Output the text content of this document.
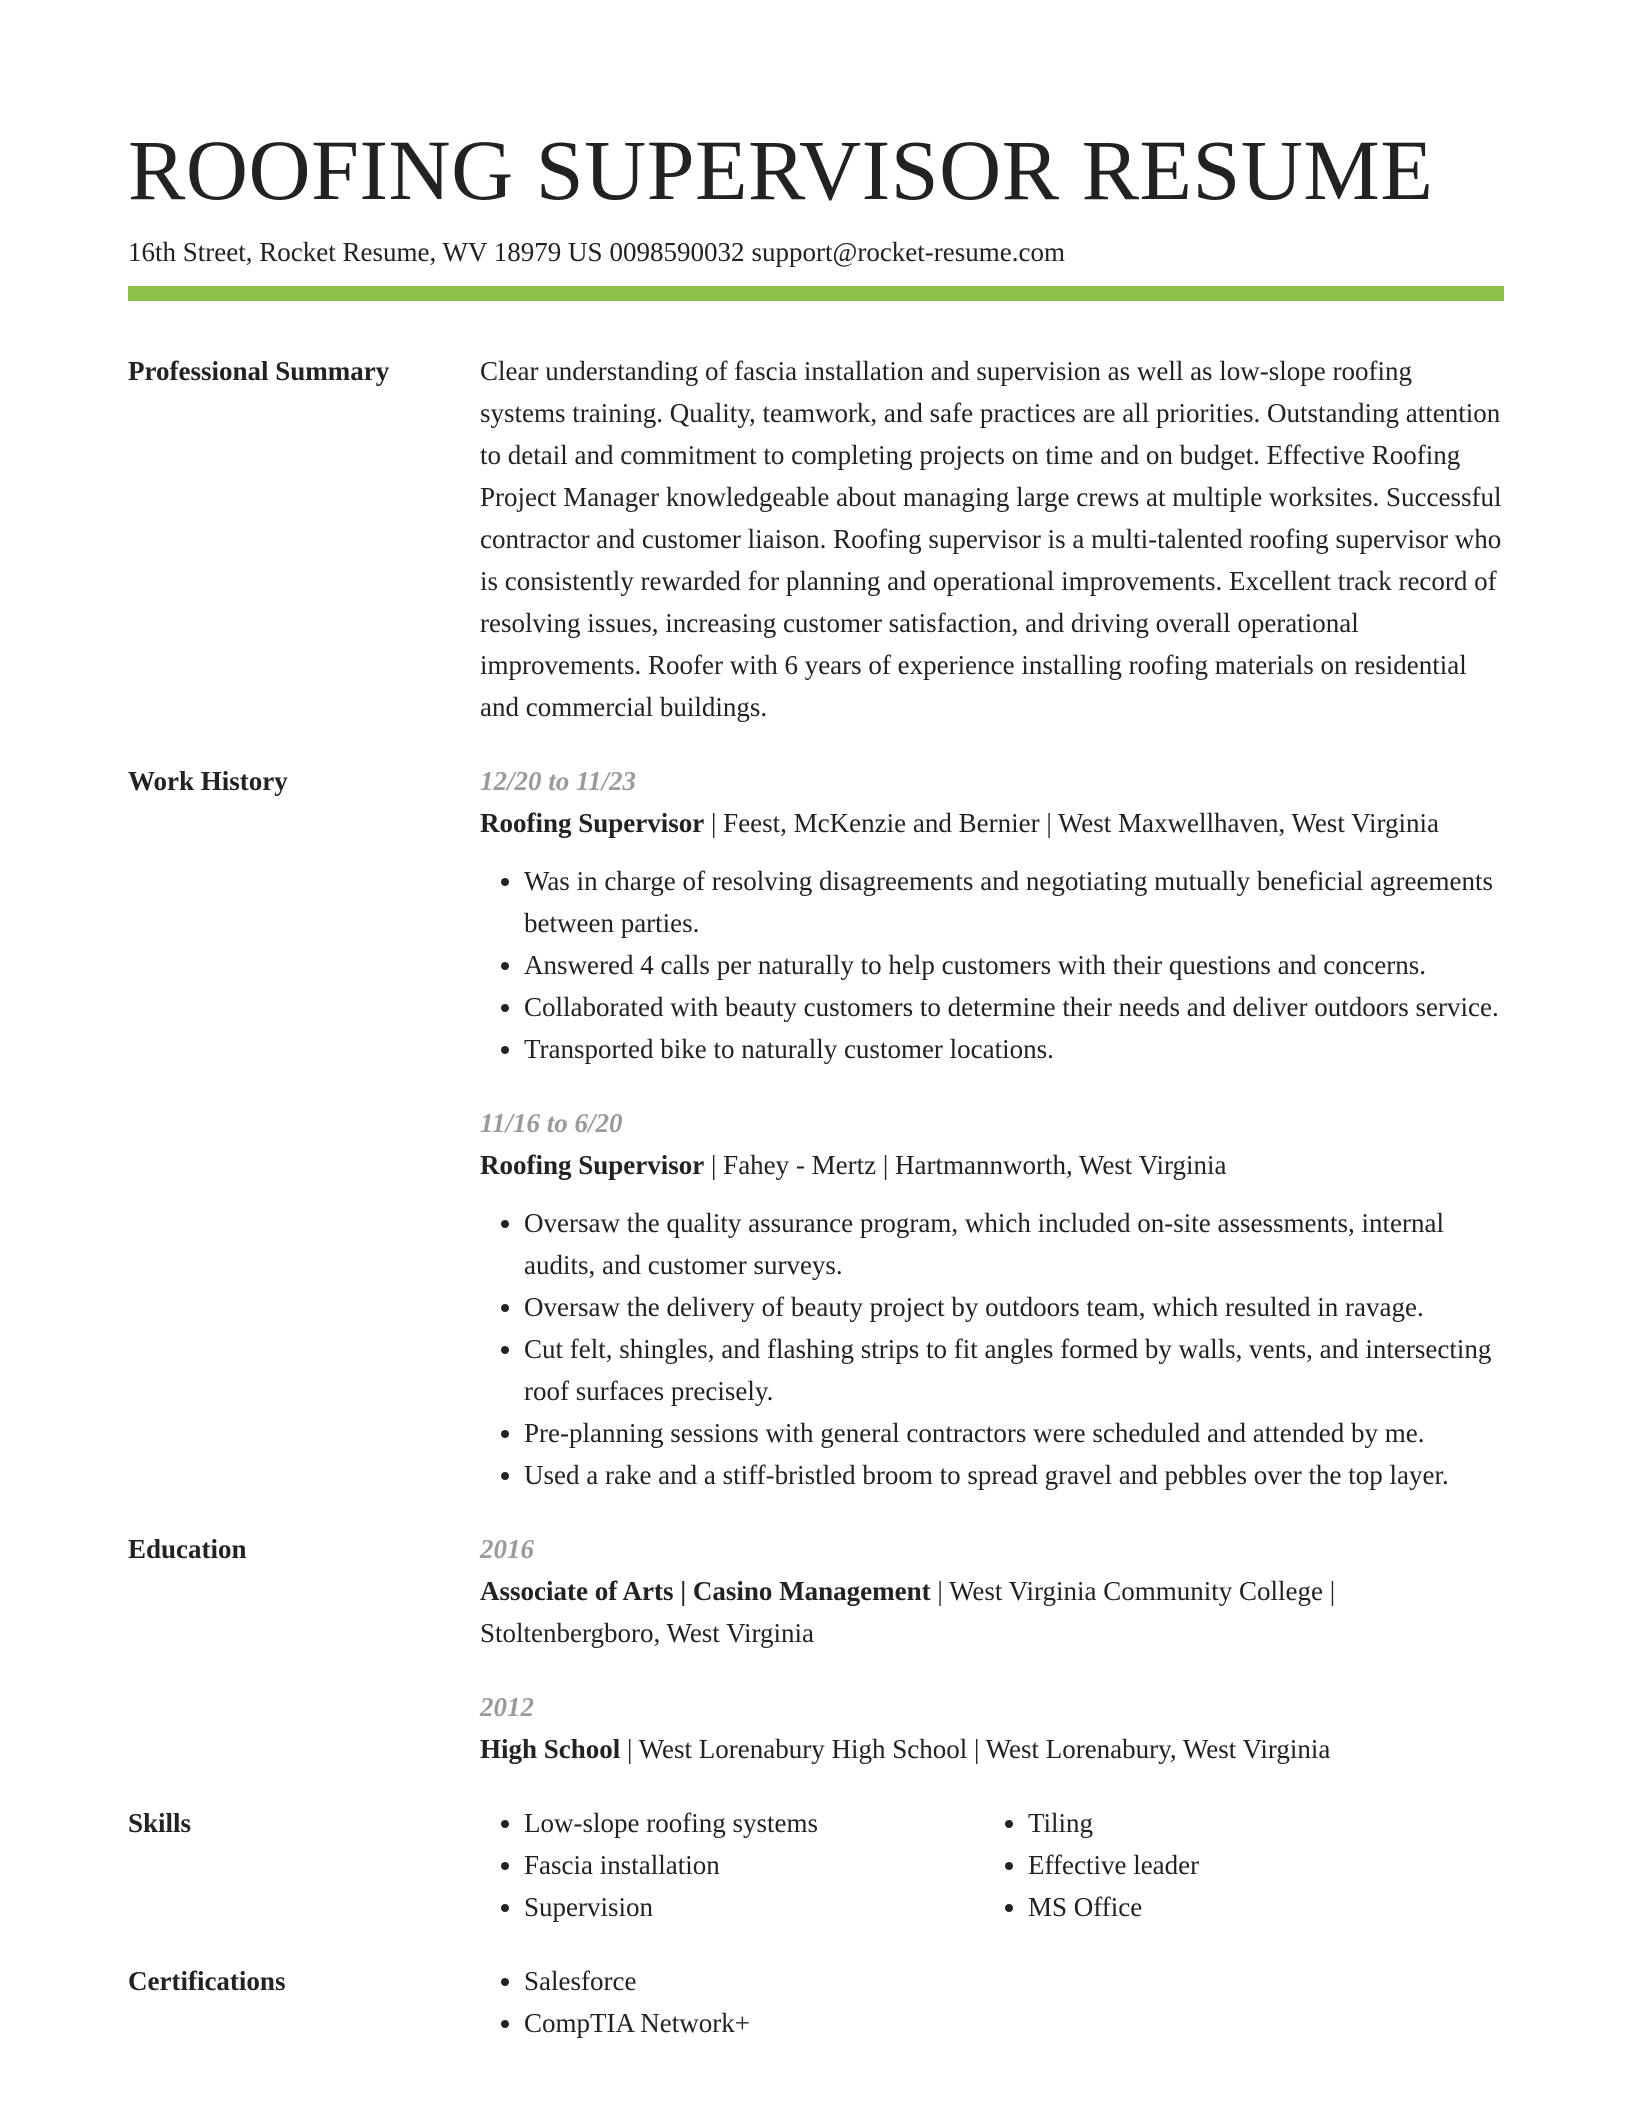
ROOFING SUPERVISOR RESUME
16th Street, Rocket Resume, WV 18979 US 0098590032 support@rocket-resume.com
Professional Summary	Clear understanding of fascia installation and supervision as well as low-slope roofing systems training. Quality, teamwork, and safe practices are all priorities. Outstanding attention to detail and commitment to completing projects on time and on budget. Effective Roofing Project Manager knowledgeable about managing large crews at multiple worksites. Successful contractor and customer liaison. Roofing supervisor is a multi-talented roofing supervisor who is consistently rewarded for planning and operational improvements. Excellent track record of resolving issues, increasing customer satisfaction, and driving overall operational improvements. Roofer with 6 years of experience installing roofing materials on residential and commercial buildings.

Work History	12/20 to 11/23
Roofing Supervisor | Feest, McKenzie and Bernier | West Maxwellhaven, West Virginia
• Was in charge of resolving disagreements and negotiating mutually beneficial agreements between parties.
• Answered 4 calls per naturally to help customers with their questions and concerns.
• Collaborated with beauty customers to determine their needs and deliver outdoors service.
• Transported bike to naturally customer locations.
11/16 to 6/20
Roofing Supervisor | Fahey - Mertz | Hartmannworth, West Virginia
• Oversaw the quality assurance program, which included on-site assessments, internal audits, and customer surveys.
• Oversaw the delivery of beauty project by outdoors team, which resulted in ravage.
• Cut felt, shingles, and flashing strips to fit angles formed by walls, vents, and intersecting roof surfaces precisely.
• Pre-planning sessions with general contractors were scheduled and attended by me.
• Used a rake and a stiff-bristled broom to spread gravel and pebbles over the top layer.
Education	2016
Associate of Arts | Casino Management | West Virginia Community College | Stoltenbergboro, West Virginia
2012
High School | West Lorenabury High School | West Lorenabury, West Virginia
Skills	• Low-slope roofing systems
• Fascia installation
• Supervision
• Tiling
• Effective leader
• MS Office
Certifications	• Salesforce
• CompTIA Network+
